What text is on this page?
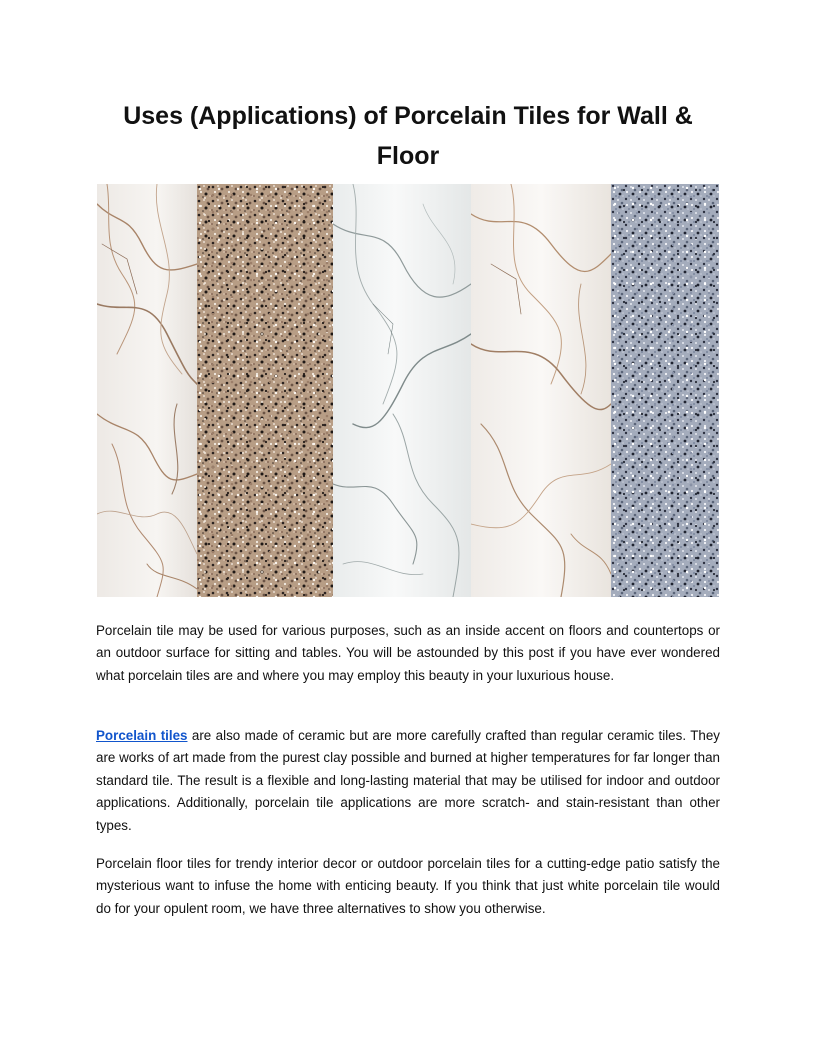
Uses (Applications) of Porcelain Tiles for Wall & Floor

Porcelain tile may be used for various purposes, such as an inside accent on floors and countertops or an outdoor surface for sitting and tables. You will be astounded by this post if you have ever wondered what porcelain tiles are and where you may employ this beauty in your luxurious house.

Porcelain tiles are also made of ceramic but are more carefully crafted than regular ceramic tiles. They are works of art made from the purest clay possible and burned at higher temperatures for far longer than standard tile. The result is a flexible and long-lasting material that may be utilised for indoor and outdoor applications. Additionally, porcelain tile applications are more scratch- and stain-resistant than other types.

Porcelain floor tiles for trendy interior decor or outdoor porcelain tiles for a cutting-edge patio satisfy the mysterious want to infuse the home with enticing beauty. If you think that just white porcelain tile would do for your opulent room, we have three alternatives to show you otherwise.
